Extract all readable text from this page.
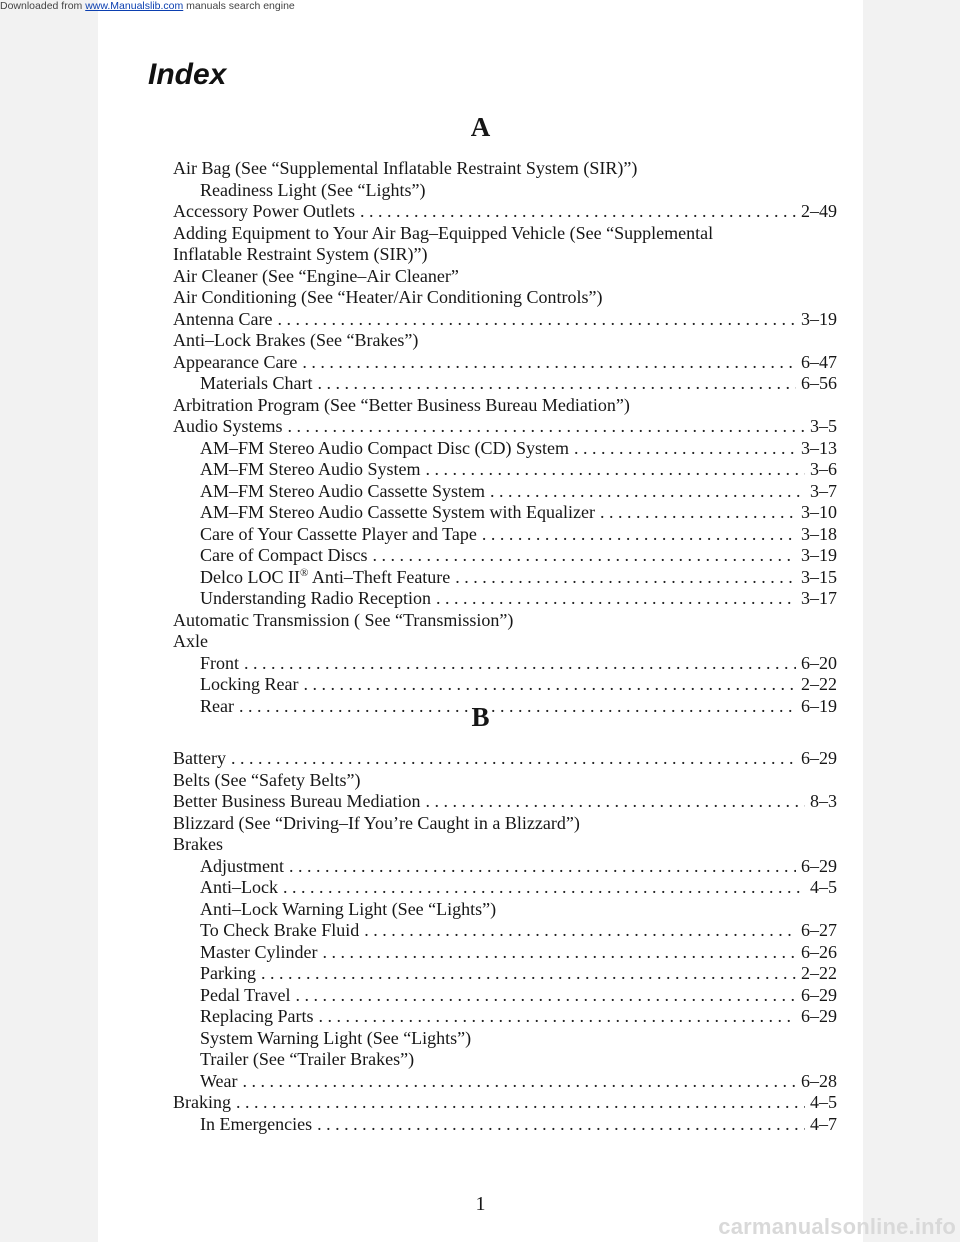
Downloaded from www.Manualslib.com manuals search engine
Index
A
Air Bag (See “Supplemental Inflatable Restraint System (SIR)”)
Readiness Light (See “Lights”)
Accessory Power Outlets . . .	2–49
Adding Equipment to Your Air Bag–Equipped Vehicle (See “Supplemental
Inflatable Restraint System (SIR)”)
Air Cleaner (See “Engine–Air Cleaner”
Air Conditioning (See “Heater/Air Conditioning Controls”)
Antenna Care . . .	3–19
Anti–Lock Brakes (See “Brakes”)
Appearance Care . . .	6–47
Materials Chart . . .	6–56
Arbitration Program (See “Better Business Bureau Mediation”)
Audio Systems . . .	3–5
AM–FM Stereo Audio Compact Disc (CD) System . . .	3–13
AM–FM Stereo Audio System . . .	3–6
AM–FM Stereo Audio Cassette System . . .	3–7
AM–FM Stereo Audio Cassette System with Equalizer . . .	3–10
Care of Your Cassette Player and Tape . . .	3–18
Care of Compact Discs . . .	3–19
Delco LOC II® Anti–Theft Feature . . .	3–15
Understanding Radio Reception . . .	3–17
Automatic Transmission ( See “Transmission”)
Axle
Front . . .	6–20
Locking Rear . . .	2–22
Rear . . .	6–19
B
Battery . . .	6–29
Belts (See “Safety Belts”)
Better Business Bureau Mediation . . .	8–3
Blizzard (See “Driving–If You’re Caught in a Blizzard”)
Brakes
Adjustment . . .	6–29
Anti–Lock . . .	4–5
Anti–Lock Warning Light (See “Lights”)
To Check Brake Fluid . . .	6–27
Master Cylinder . . .	6–26
Parking . . .	2–22
Pedal Travel . . .	6–29
Replacing Parts . . .	6–29
System Warning Light (See “Lights”)
Trailer (See “Trailer Brakes”)
Wear . . .	6–28
Braking . . .	4–5
In Emergencies . . .	4–7
1
carmanualsonline.info
